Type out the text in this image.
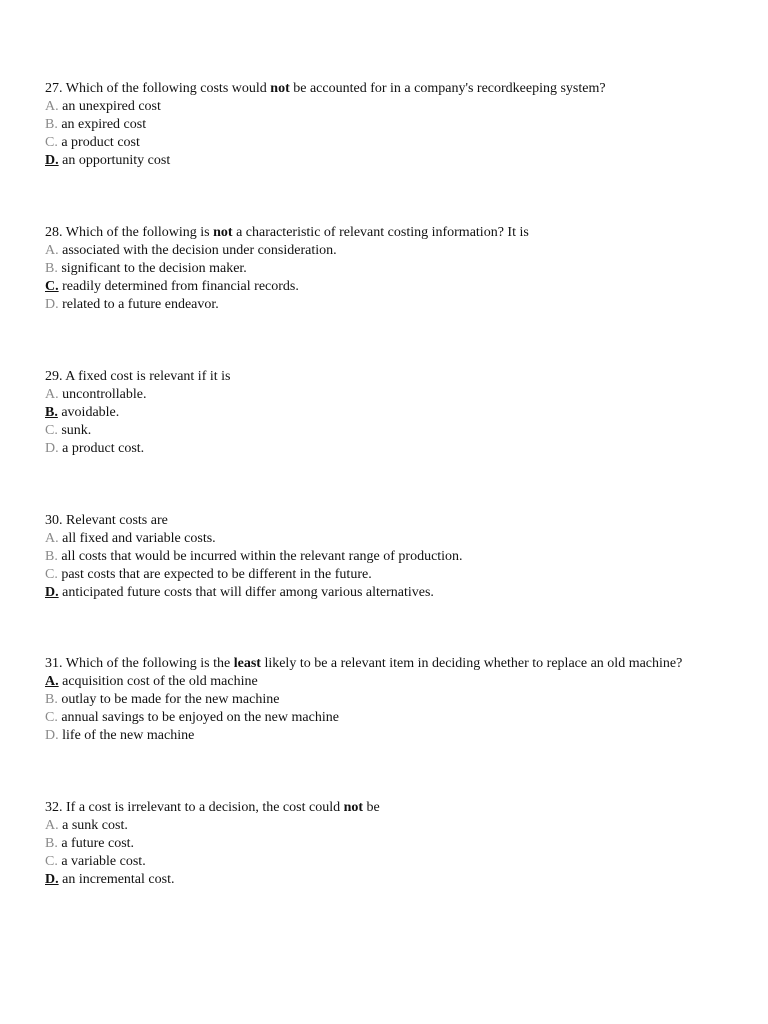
27. Which of the following costs would not be accounted for in a company's recordkeeping system?
A. an unexpired cost
B. an expired cost
C. a product cost
D. an opportunity cost
28. Which of the following is not a characteristic of relevant costing information? It is
A. associated with the decision under consideration.
B. significant to the decision maker.
C. readily determined from financial records.
D. related to a future endeavor.
29. A fixed cost is relevant if it is
A. uncontrollable.
B. avoidable.
C. sunk.
D. a product cost.
30. Relevant costs are
A. all fixed and variable costs.
B. all costs that would be incurred within the relevant range of production.
C. past costs that are expected to be different in the future.
D. anticipated future costs that will differ among various alternatives.
31. Which of the following is the least likely to be a relevant item in deciding whether to replace an old machine?
A. acquisition cost of the old machine
B. outlay to be made for the new machine
C. annual savings to be enjoyed on the new machine
D. life of the new machine
32. If a cost is irrelevant to a decision, the cost could not be
A. a sunk cost.
B. a future cost.
C. a variable cost.
D. an incremental cost.
